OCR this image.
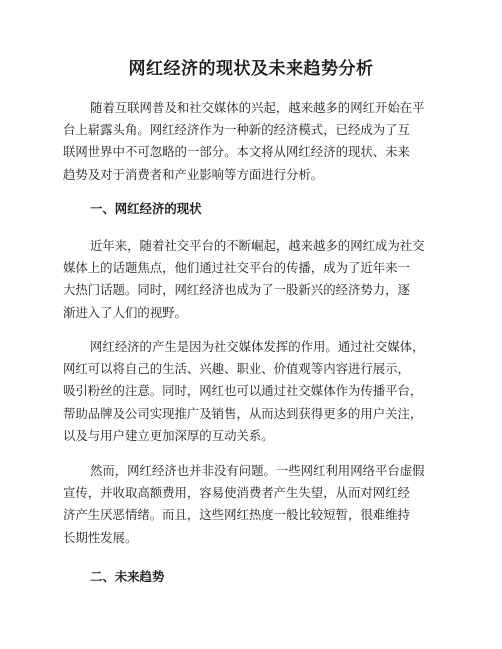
网红经济的现状及未来趋势分析

随着互联网普及和社交媒体的兴起，越来越多的网红开始在平
台上崭露头角。网红经济作为一种新的经济模式，已经成为了互
联网世界中不可忽略的一部分。本文将从网红经济的现状、未来
趋势及对于消费者和产业影响等方面进行分析。

一、网红经济的现状

近年来，随着社交平台的不断崛起，越来越多的网红成为社交
媒体上的话题焦点，他们通过社交平台的传播，成为了近年来一
大热门话题。同时，网红经济也成为了一股新兴的经济势力，逐
渐进入了人们的视野。

网红经济的产生是因为社交媒体发挥的作用。通过社交媒体，
网红可以将自己的生活、兴趣、职业、价值观等内容进行展示，
吸引粉丝的注意。同时，网红也可以通过社交媒体作为传播平台，
帮助品牌及公司实现推广及销售，从而达到获得更多的用户关注，
以及与用户建立更加深厚的互动关系。

然而，网红经济也并非没有问题。一些网红利用网络平台虚假
宣传，并收取高额费用，容易使消费者产生失望，从而对网红经
济产生厌恶情绪。而且，这些网红热度一般比较短暂，很难维持
长期性发展。

二、未来趋势
